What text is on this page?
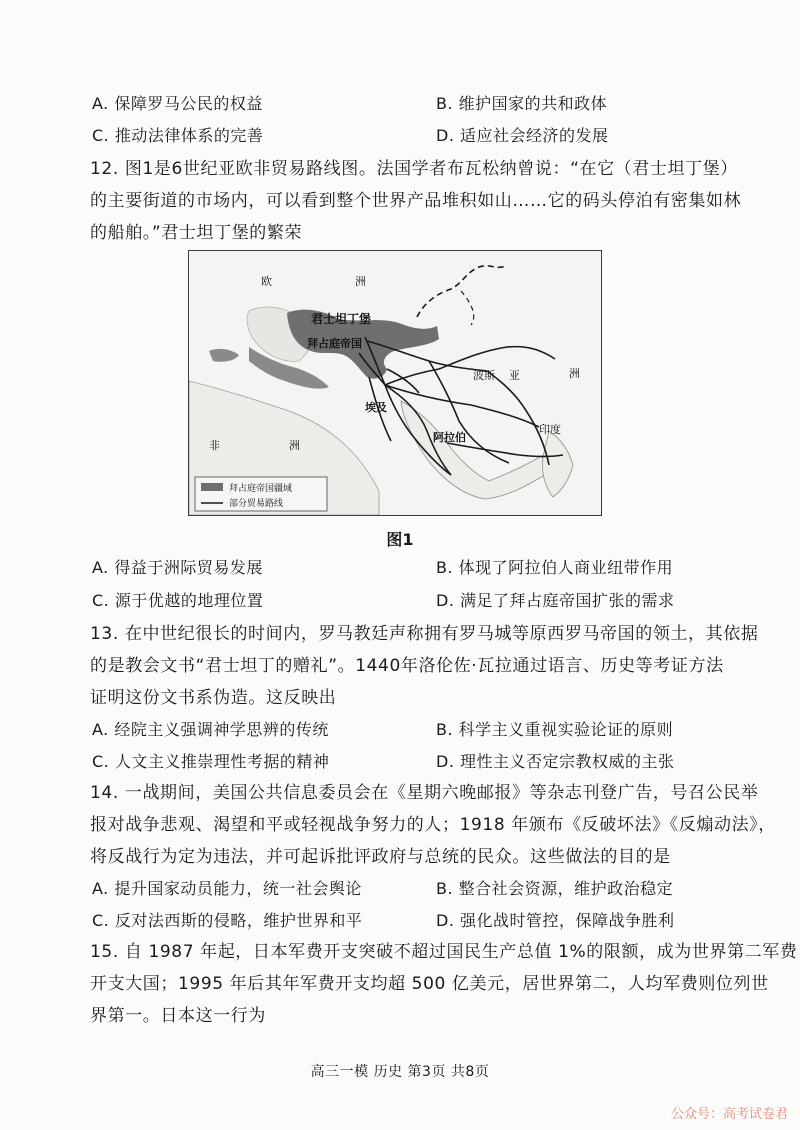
A. 保障罗马公民的权益	B. 维护国家的共和政体
C. 推动法律体系的完善	D. 适应社会经济的发展
12. 图1是6世纪亚欧非贸易路线图。法国学者布瓦松纳曾说：“在它（君士坦丁堡）
的主要街道的市场内，可以看到整个世界产品堆积如山……它的码头停泊有密集如林
的船舶。”君士坦丁堡的繁荣
欧	洲
君士坦丁堡
拜占庭帝国
波斯 亚	洲
埃及
非	洲
阿拉伯
印度
拜占庭帝国疆域
部分贸易路线
图1
A. 得益于洲际贸易发展	B. 体现了阿拉伯人商业纽带作用
C. 源于优越的地理位置	D. 满足了拜占庭帝国扩张的需求
13. 在中世纪很长的时间内，罗马教廷声称拥有罗马城等原西罗马帝国的领土，其依据
的是教会文书“君士坦丁的赠礼”。1440年洛伦佐·瓦拉通过语言、历史等考证方法
证明这份文书系伪造。这反映出
A. 经院主义强调神学思辨的传统	B. 科学主义重视实验论证的原则
C. 人文主义推崇理性考据的精神	D. 理性主义否定宗教权威的主张
14. 一战期间，美国公共信息委员会在《星期六晚邮报》等杂志刊登广告，号召公民举
报对战争悲观、渴望和平或轻视战争努力的人；1918 年颁布《反破坏法》《反煽动法》，
将反战行为定为违法，并可起诉批评政府与总统的民众。这些做法的目的是
A. 提升国家动员能力，统一社会舆论	B. 整合社会资源，维护政治稳定
C. 反对法西斯的侵略，维护世界和平	D. 强化战时管控，保障战争胜利
15. 自 1987 年起，日本军费开支突破不超过国民生产总值 1%的限额，成为世界第二军费
开支大国；1995 年后其年军费开支均超 500 亿美元，居世界第二，人均军费则位列世
界第一。日本这一行为
高三一模 历史 第3页 共8页
公众号：高考试卷君
